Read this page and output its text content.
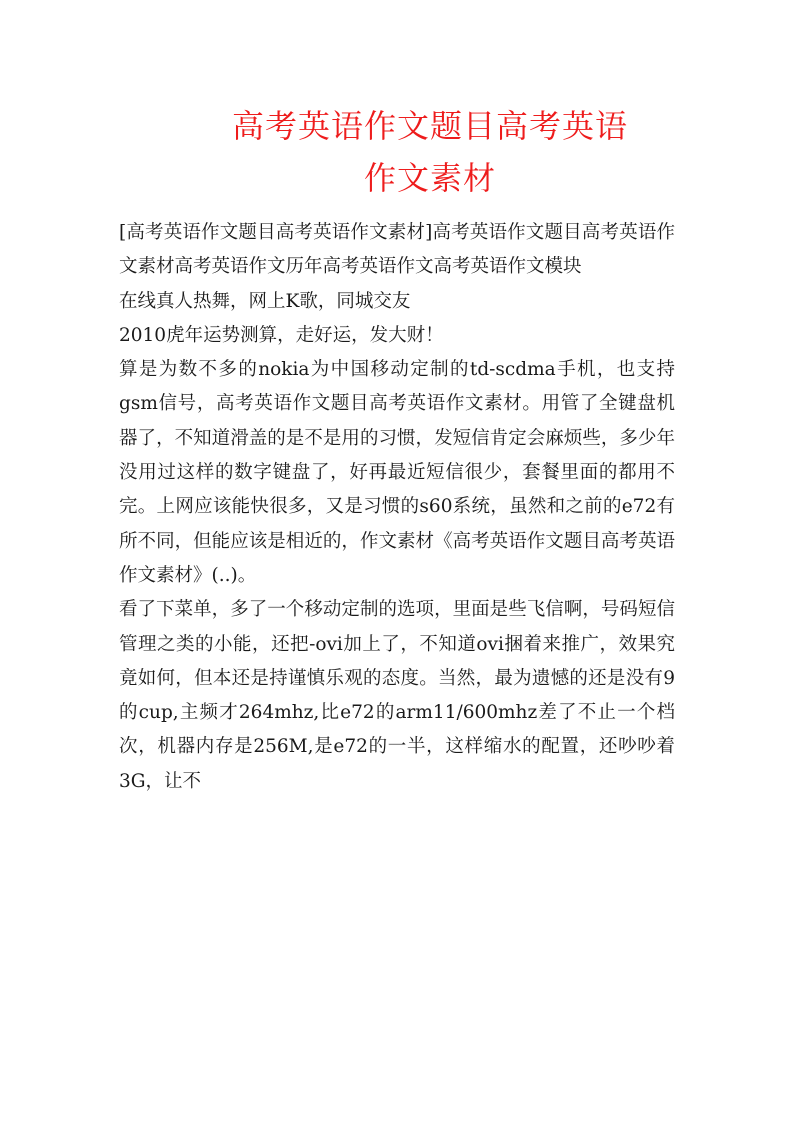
高考英语作文题目高考英语
作文素材

[高考英语作文题目高考英语作文素材]高考英语作文题目高考英语作文素材高考英语作文历年高考英语作文高考英语作文模块

在线真人热舞，网上K歌，同城交友

2010虎年运势测算，走好运，发大财！

算是为数不多的nokia为中国移动定制的td-scdma手机，也支持gsm信号，高考英语作文题目高考英语作文素材。用管了全键盘机器了，不知道滑盖的是不是用的习惯，发短信肯定会麻烦些，多少年没用过这样的数字键盘了，好再最近短信很少，套餐里面的都用不完。上网应该能快很多，又是习惯的s60系统，虽然和之前的e72有所不同，但能应该是相近的，作文素材《高考英语作文题目高考英语作文素材》(..)。

看了下菜单，多了一个移动定制的选项，里面是些飞信啊，号码短信管理之类的小能，还把-ovi加上了，不知道ovi捆着来推广，效果究竟如何，但本还是持谨慎乐观的态度。当然，最为遗憾的还是没有9的cup,主频才264mhz,比e72的arm11/600mhz差了不止一个档次，机器内存是256M,是e72的一半，这样缩水的配置，还吵吵着3G，让不
